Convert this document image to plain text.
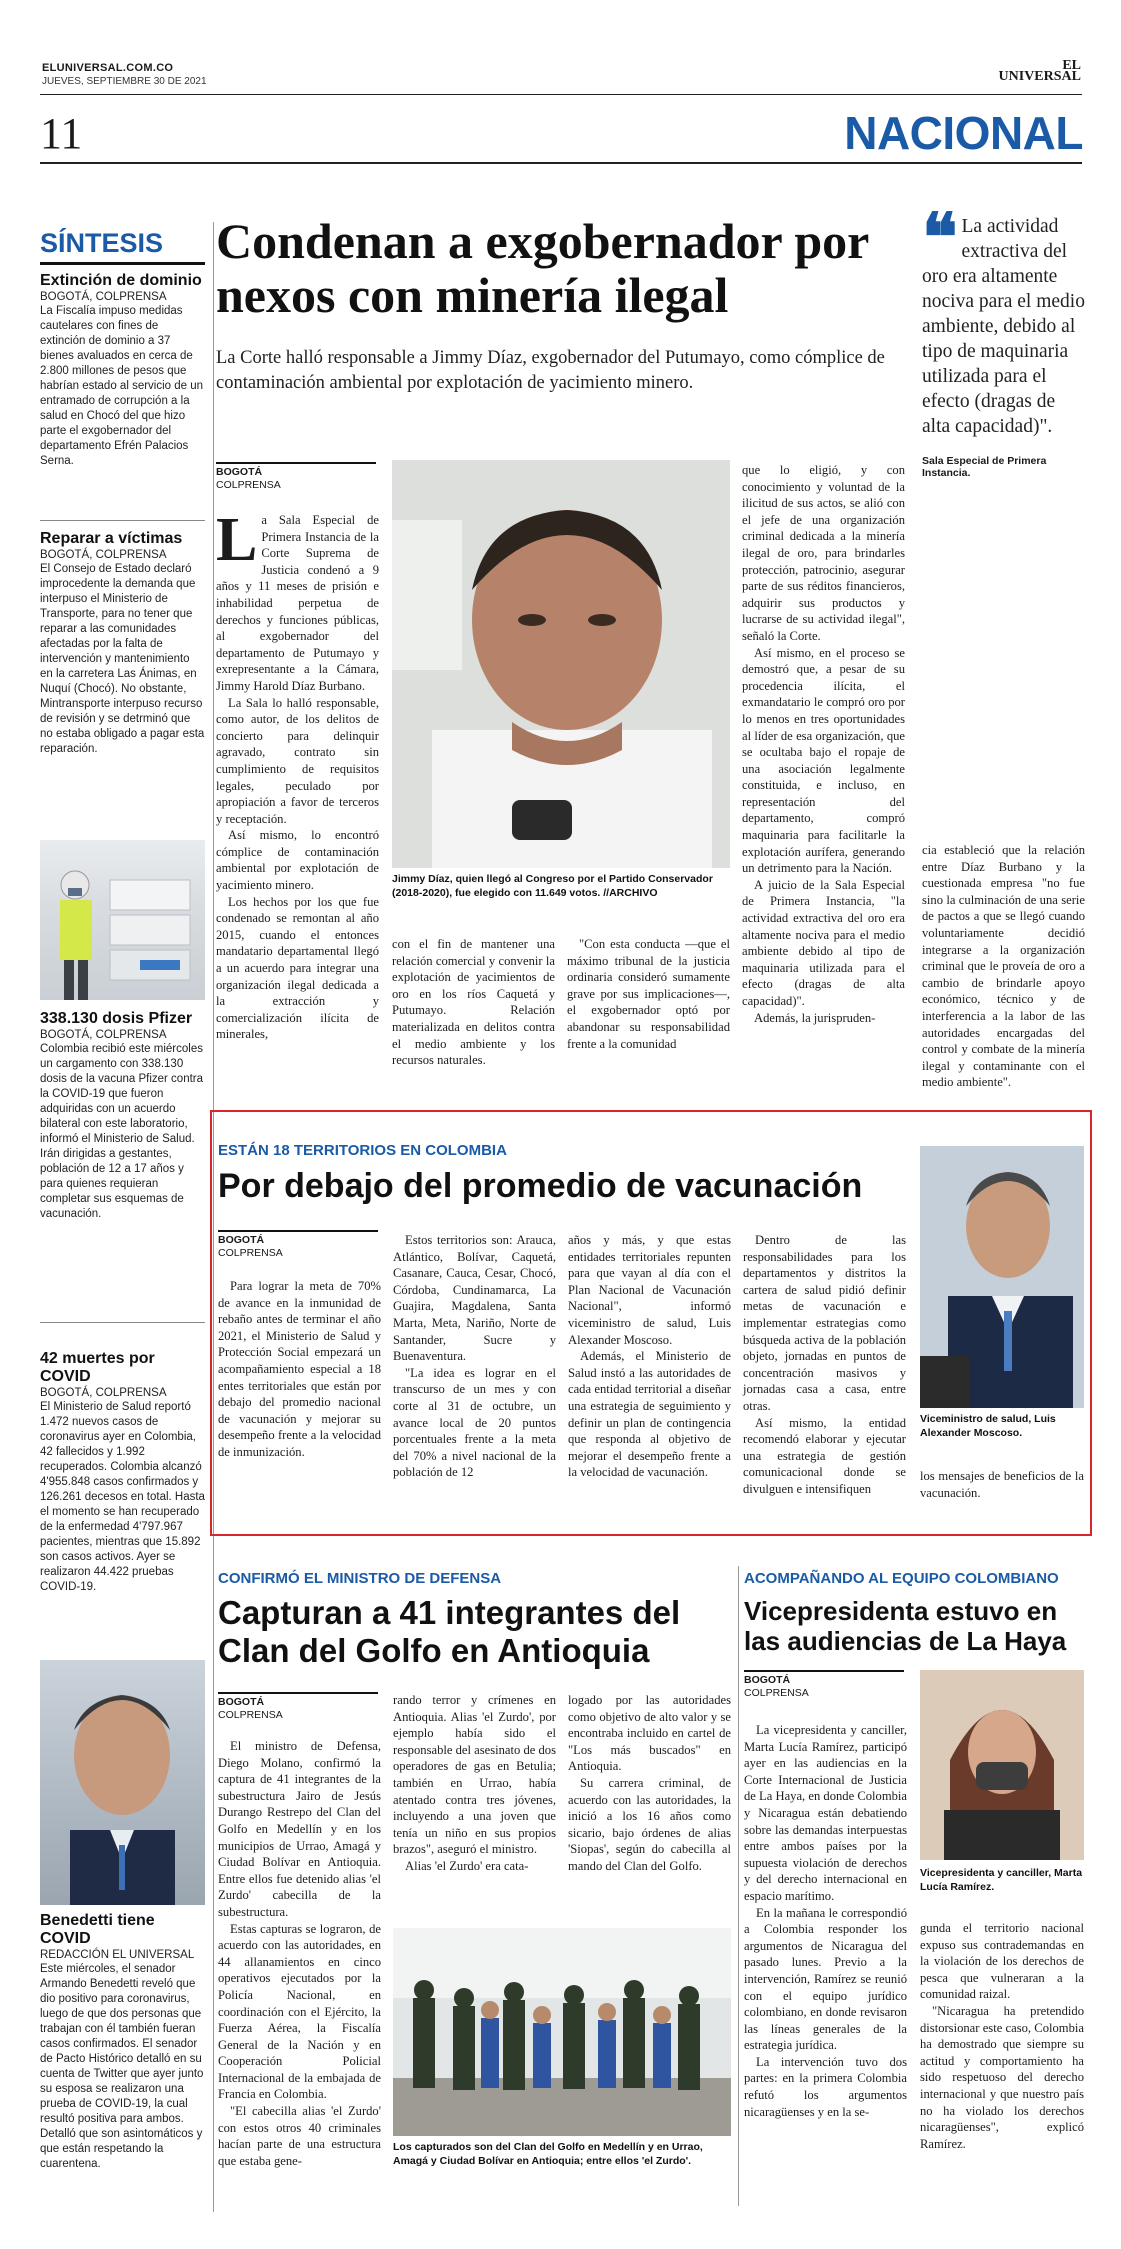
ELUNIVERSAL.COM.CO
JUEVES, SEPTIEMBRE 30 DE 2021
EL
UNIVERSAL
11	NACIONAL
SÍNTESIS
Extinción de dominio
BOGOTÁ, COLPRENSA
La Fiscalía impuso medidas cautelares con fines de extinción de dominio a 37 bienes avaluados en cerca de 2.800 millones de pesos que habrían estado al servicio de un entramado de corrupción a la salud en Chocó del que hizo parte el exgobernador del departamento Efrén Palacios Serna.
Reparar a víctimas
BOGOTÁ, COLPRENSA
El Consejo de Estado declaró improcedente la demanda que interpuso el Ministerio de Transporte, para no tener que reparar a las comunidades afectadas por la falta de intervención y mantenimiento en la carretera Las Ánimas, en Nuquí (Chocó). No obstante, Mintransporte interpuso recurso de revisión y se detrminó que no estaba obligado a pagar esta reparación.
338.130 dosis Pfizer
BOGOTÁ, COLPRENSA
Colombia recibió este miércoles un cargamento con 338.130 dosis de la vacuna Pfizer contra la COVID-19 que fueron adquiridas con un acuerdo bilateral con este laboratorio, informó el Ministerio de Salud. Irán dirigidas a gestantes, población de 12 a 17 años y para quienes requieran completar sus esquemas de vacunación.
42 muertes por COVID
BOGOTÁ, COLPRENSA
El Ministerio de Salud reportó 1.472 nuevos casos de coronavirus ayer en Colombia, 42 fallecidos y 1.992 recuperados. Colombia alcanzó 4'955.848 casos confirmados y 126.261 decesos en total. Hasta el momento se han recuperado de la enfermedad 4'797.967 pacientes, mientras que 15.892 son casos activos. Ayer se realizaron 44.422 pruebas COVID-19.
Benedetti tiene COVID
REDACCIÓN EL UNIVERSAL
Este miércoles, el senador Armando Benedetti reveló que dio positivo para coronavirus, luego de que dos personas que trabajan con él también fueran casos confirmados. El senador de Pacto Histórico detalló en su cuenta de Twitter que ayer junto su esposa se realizaron una prueba de COVID-19, la cual resultó positiva para ambos. Detalló que son asintomáticos y que están respetando la cuarentena.
Condenan a exgobernador por nexos con minería ilegal
La Corte halló responsable a Jimmy Díaz, exgobernador del Putumayo, como cómplice de contaminación ambiental por explotación de yacimiento minero.
BOGOTÁ
COLPRENSA

La Sala Especial de Primera Instancia de la Corte Suprema de Justicia condenó a 9 años y 11 meses de prisión e inhabilidad perpetua de derechos y funciones públicas, al exgobernador del departamento de Putumayo y exrepresentante a la Cámara, Jimmy Harold Díaz Burbano.

La Sala lo halló responsable, como autor, de los delitos de concierto para delinquir agravado, contrato sin cumplimiento de requisitos legales, peculado por apropiación a favor de terceros y receptación.

Así mismo, lo encontró cómplice de contaminación ambiental por explotación de yacimiento minero.

Los hechos por los que fue condenado se remontan al año 2015, cuando el entonces mandatario departamental llegó a un acuerdo para integrar una organización ilegal dedicada a la extracción y comercialización ilícita de minerales,

Jimmy Díaz, quien llegó al Congreso por el Partido Conservador (2018-2020), fue elegido con 11.649 votos. //ARCHIVO

con el fin de mantener una relación comercial y convenir la explotación de yacimientos de oro en los ríos Caquetá y Putumayo. Relación materializada en delitos contra el medio ambiente y los recursos naturales.

"Con esta conducta —que el máximo tribunal de la justicia ordinaria consideró sumamente grave por sus implicaciones—, el exgobernador optó por abandonar su responsabilidad frente a la comunidad

que lo eligió, y con conocimiento y voluntad de la ilicitud de sus actos, se alió con el jefe de una organización criminal dedicada a la minería ilegal de oro, para brindarles protección, patrocinio, asegurar parte de sus réditos financieros, adquirir sus productos y lucrarse de su actividad ilegal", señaló la Corte.

Así mismo, en el proceso se demostró que, a pesar de su procedencia ilícita, el exmandatario le compró oro por lo menos en tres oportunidades al líder de esa organización, que se ocultaba bajo el ropaje de una asociación legalmente constituida, e incluso, en representación del departamento, compró maquinaria para facilitarle la explotación aurífera, generando un detrimento para la Nación.

A juicio de la Sala Especial de Primera Instancia, "la actividad extractiva del oro era altamente nociva para el medio ambiente debido al tipo de maquinaria utilizada para el efecto (dragas de alta capacidad)".

Además, la jurispruden-

❝ La actividad extractiva del oro era altamente nociva para el medio ambiente, debido al tipo de maquinaria utilizada para el efecto (dragas de alta capacidad)".
Sala Especial de Primera Instancia.

cia estableció que la relación entre Díaz Burbano y la cuestionada empresa "no fue sino la culminación de una serie de pactos a que se llegó cuando voluntariamente decidió integrarse a la organización criminal que le proveía de oro a cambio de brindarle apoyo económico, técnico y de interferencia a la labor de las autoridades encargadas del control y combate de la minería ilegal y contaminante con el medio ambiente".

ESTÁN 18 TERRITORIOS EN COLOMBIA
Por debajo del promedio de vacunación
BOGOTÁ
COLPRENSA

Para lograr la meta de 70% de avance en la inmunidad de rebaño antes de terminar el año 2021, el Ministerio de Salud y Protección Social empezará un acompañamiento especial a 18 entes territoriales que están por debajo del promedio nacional de vacunación y mejorar su desempeño frente a la velocidad de inmunización.

Estos territorios son: Arauca, Atlántico, Bolívar, Caquetá, Casanare, Cauca, Cesar, Chocó, Córdoba, Cundinamarca, La Guajira, Magdalena, Santa Marta, Meta, Nariño, Norte de Santander, Sucre y Buenaventura.

"La idea es lograr en el transcurso de un mes y con corte al 31 de octubre, un avance local de 20 puntos porcentuales frente a la meta del 70% a nivel nacional de la población de 12

años y más, y que estas entidades territoriales repunten para que vayan al día con el Plan Nacional de Vacunación Nacional", informó viceministro de salud, Luis Alexander Moscoso.

Además, el Ministerio de Salud instó a las autoridades de cada entidad territorial a diseñar una estrategia de seguimiento y definir un plan de contingencia que responda al objetivo de mejorar el desempeño frente a la velocidad de vacunación.

Dentro de las responsabilidades para los departamentos y distritos la cartera de salud pidió definir metas de vacunación e implementar estrategias como búsqueda activa de la población objeto, jornadas en puntos de concentración masivos y jornadas casa a casa, entre otras.

Así mismo, la entidad recomendó elaborar y ejecutar una estrategia de gestión comunicacional donde se divulguen e intensifiquen

Viceministro de salud, Luis Alexander Moscoso.

los mensajes de beneficios de la vacunación.

CONFIRMÓ EL MINISTRO DE DEFENSA
Capturan a 41 integrantes del Clan del Golfo en Antioquia
BOGOTÁ
COLPRENSA

El ministro de Defensa, Diego Molano, confirmó la captura de 41 integrantes de la subestructura Jairo de Jesús Durango Restrepo del Clan del Golfo en Medellín y en los municipios de Urrao, Amagá y Ciudad Bolívar en Antioquia. Entre ellos fue detenido alias 'el Zurdo' cabecilla de la subestructura.

Estas capturas se lograron, de acuerdo con las autoridades, en 44 allanamientos en cinco operativos ejecutados por la Policía Nacional, en coordinación con el Ejército, la Fuerza Aérea, la Fiscalía General de la Nación y en Cooperación Policial Internacional de la embajada de Francia en Colombia.

"El cabecilla alias 'el Zurdo' con estos otros 40 criminales hacían parte de una estructura que estaba gene-

rando terror y crímenes en Antioquia. Alias 'el Zurdo', por ejemplo había sido el responsable del asesinato de dos operadores de gas en Betulia; también en Urrao, había atentado contra tres jóvenes, incluyendo a una joven que tenía un niño en sus propios brazos", aseguró el ministro.

Alias 'el Zurdo' era cata-

logado por las autoridades como objetivo de alto valor y se encontraba incluido en cartel de "Los más buscados" en Antioquia.

Su carrera criminal, de acuerdo con las autoridades, la inició a los 16 años como sicario, bajo órdenes de alias 'Siopas', según do cabecilla al mando del Clan del Golfo.

Los capturados son del Clan del Golfo en Medellín y en Urrao, Amagá y Ciudad Bolívar en Antioquia; entre ellos 'el Zurdo'.
ACOMPAÑANDO AL EQUIPO COLOMBIANO
Vicepresidenta estuvo en las audiencias de La Haya
BOGOTÁ
COLPRENSA

La vicepresidenta y canciller, Marta Lucía Ramírez, participó ayer en las audiencias en la Corte Internacional de Justicia de La Haya, en donde Colombia y Nicaragua están debatiendo sobre las demandas interpuestas entre ambos países por la supuesta violación de derechos y del derecho internacional en espacio marítimo.

En la mañana le correspondió a Colombia responder los argumentos de Nicaragua del pasado lunes. Previo a la intervención, Ramírez se reunió con el equipo jurídico colombiano, en donde revisaron las líneas generales de la estrategia jurídica.

La intervención tuvo dos partes: en la primera Colombia refutó los argumentos nicaragüenses y en la se-

Vicepresidenta y canciller, Marta Lucía Ramírez.

gunda el territorio nacional expuso sus contrademandas en la violación de los derechos de pesca que vulneraran a la comunidad raizal.

"Nicaragua ha pretendido distorsionar este caso, Colombia ha demostrado que siempre su actitud y comportamiento ha sido respetuoso del derecho internacional y que nuestro país no ha violado los derechos nicaragüenses", explicó Ramírez.
